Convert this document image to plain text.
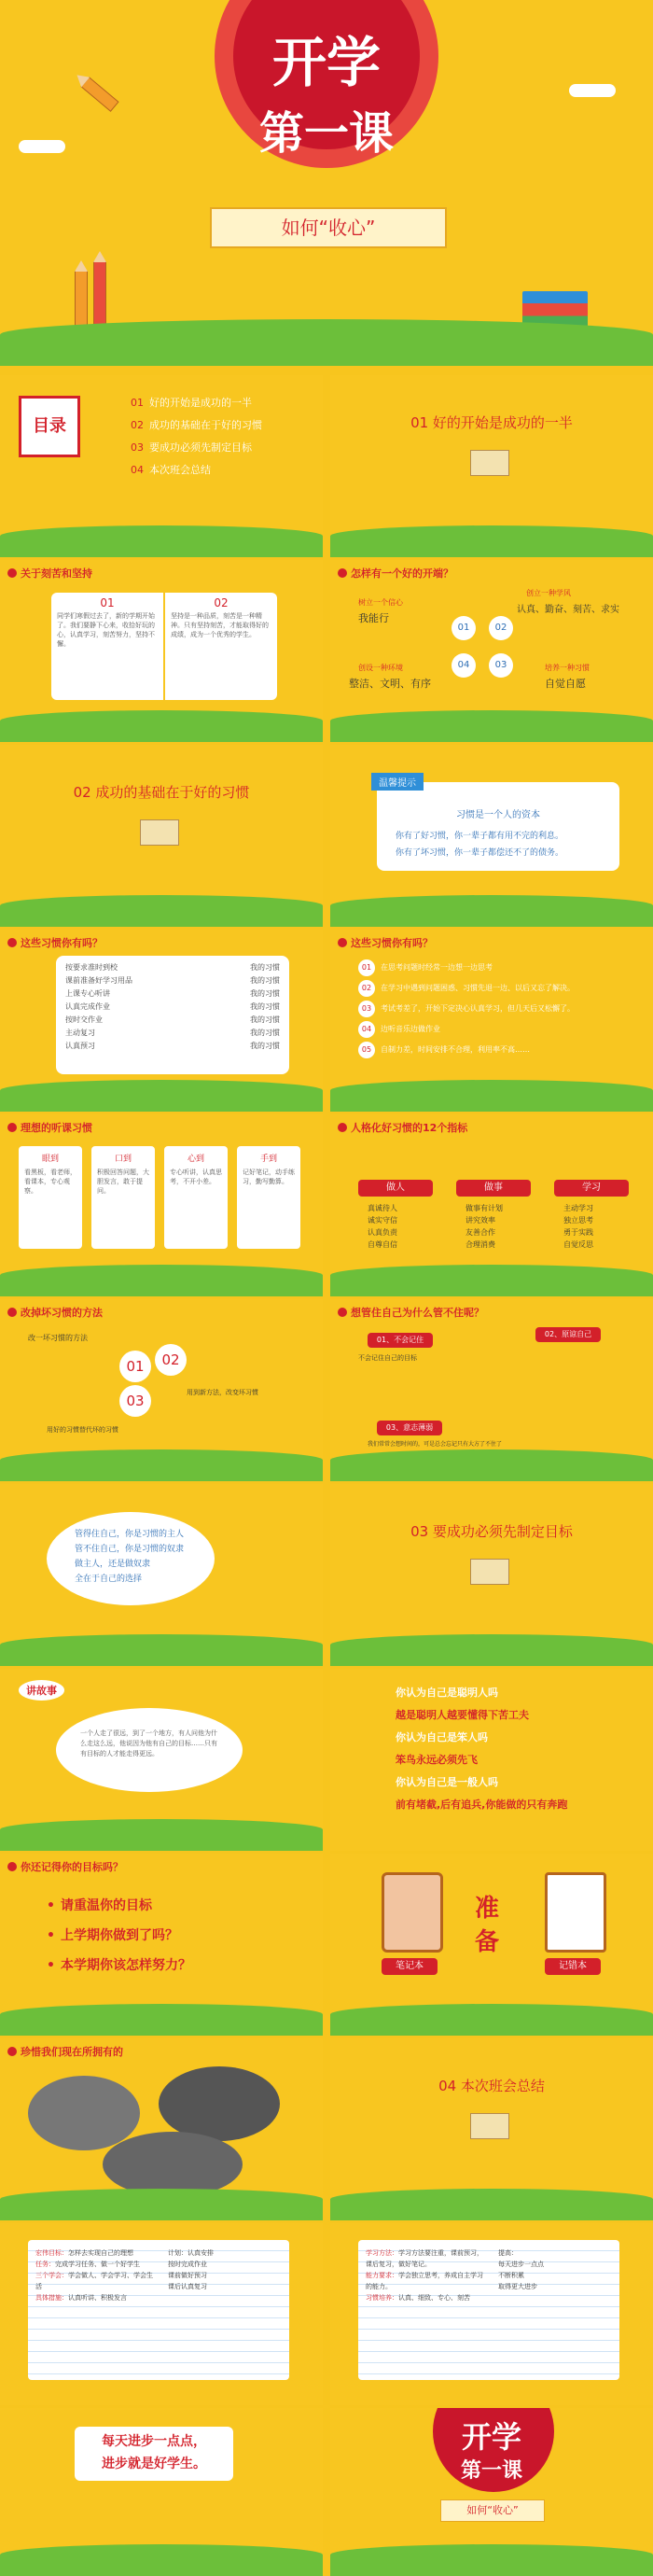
开学
第一课
如何“收心”
目录
01 好的开始是成功的一半
02 成功的基础在于好的习惯
03 要成功必须先制定目标
04 本次班会总结
01 好的开始是成功的一半
关于刻苦和坚持
01
同学们寒假过去了，新的学期开始了。我们要静下心来，收拾好玩的心，认真学习，刻苦努力，坚持不懈。
02
坚持是一种品质，刻苦是一种精神。只有坚持刻苦，才能取得好的成绩，成为一个优秀的学生。
怎样有一个好的开端？
树立一个信心
我能行
创立一种学风
认真、勤奋、刻苦、求实
创设一种环境
整洁、文明、有序
培养一种习惯
自觉自愿
01	02
04	03
02 成功的基础在于好的习惯
温馨提示
习惯是一个人的资本
你有了好习惯，你一辈子都有用不完的利息。
你有了坏习惯，你一辈子都偿还不了的债务。
这些习惯你有吗？
按要求准时到校	我的习惯
课前准备好学习用品	我的习惯
上课专心听讲	我的习惯
认真完成作业	我的习惯
按时交作业	我的习惯
主动复习	我的习惯
认真预习	我的习惯
这些习惯你有吗？
01 在思考问题时经常一边想一边思考
02 在学习中遇到问题困惑、习惯先退一边、以后又忘了解决。
03 考试考差了，开始下定决心认真学习，但几天后又松懈了。
04 边听音乐边做作业
05 自制力差，时间安排不合理，利用率不高……
理想的听课习惯
眼到
看黑板，看老师，看课本，专心观察。
口到
积极回答问题，大胆发言，敢于提问。
心到
专心听讲，认真思考，不开小差。
手到
记好笔记，动手练习，勤写勤算。
人格化好习惯的12个指标
做人
真诚待人
诚实守信
认真负责
自尊自信
做事
做事有计划
讲究效率
友善合作
合理消费
学习
主动学习
独立思考
勇于实践
自觉反思
改掉坏习惯的方法
改一坏习惯的方法
01	02
03	用到新方法，改变坏习惯
用好的习惯替代坏的习惯
想管住自己为什么管不住呢？
01、不会记住
不会记住自己的目标
02、原谅自己
03、意志薄弱
我们常常会想时间的，可是总会忘记只有大方了不住了
管得住自己，你是习惯的主人
管不住自己，你是习惯的奴隶
做主人，还是做奴隶
全在于自己的选择
03 要成功必须先制定目标
讲故事
一个人走了很远，到了一个地方，有人问他为什么走这么远，他说因为他有自己的目标……只有有目标的人才能走得更远。
你认为自己是聪明人吗
越是聪明人越要懂得下苦工夫
你认为自己是笨人吗
笨鸟永远必须先飞
你认为自己是一般人吗
前有堵截,后有追兵,你能做的只有奔跑
你还记得你的目标吗？
• 请重温你的目标
• 上学期你做到了吗？
• 本学期你该怎样努力？	笔记本
准
备
记错本
珍惜我们现在所拥有的
04 本次班会总结
宏伟目标：怎样去实现自己的理想
任务：完成学习任务、做一个好学生
三个学会：学会做人、学会学习、学会生活
具体措施：认真听讲、积极发言
计划：认真安排
按时完成作业
课前做好预习
课后认真复习
学习方法：学习方法要注重，课前预习，课后复习，做好笔记。
能力要求：学会独立思考，养成自主学习的能力。
习惯培养：认真、细致、专心、刻苦
提高：
每天进步一点点
不断积累
取得更大进步
每天进步一点点，
进步就是好学生。
开学
第一课
如何“收心”
